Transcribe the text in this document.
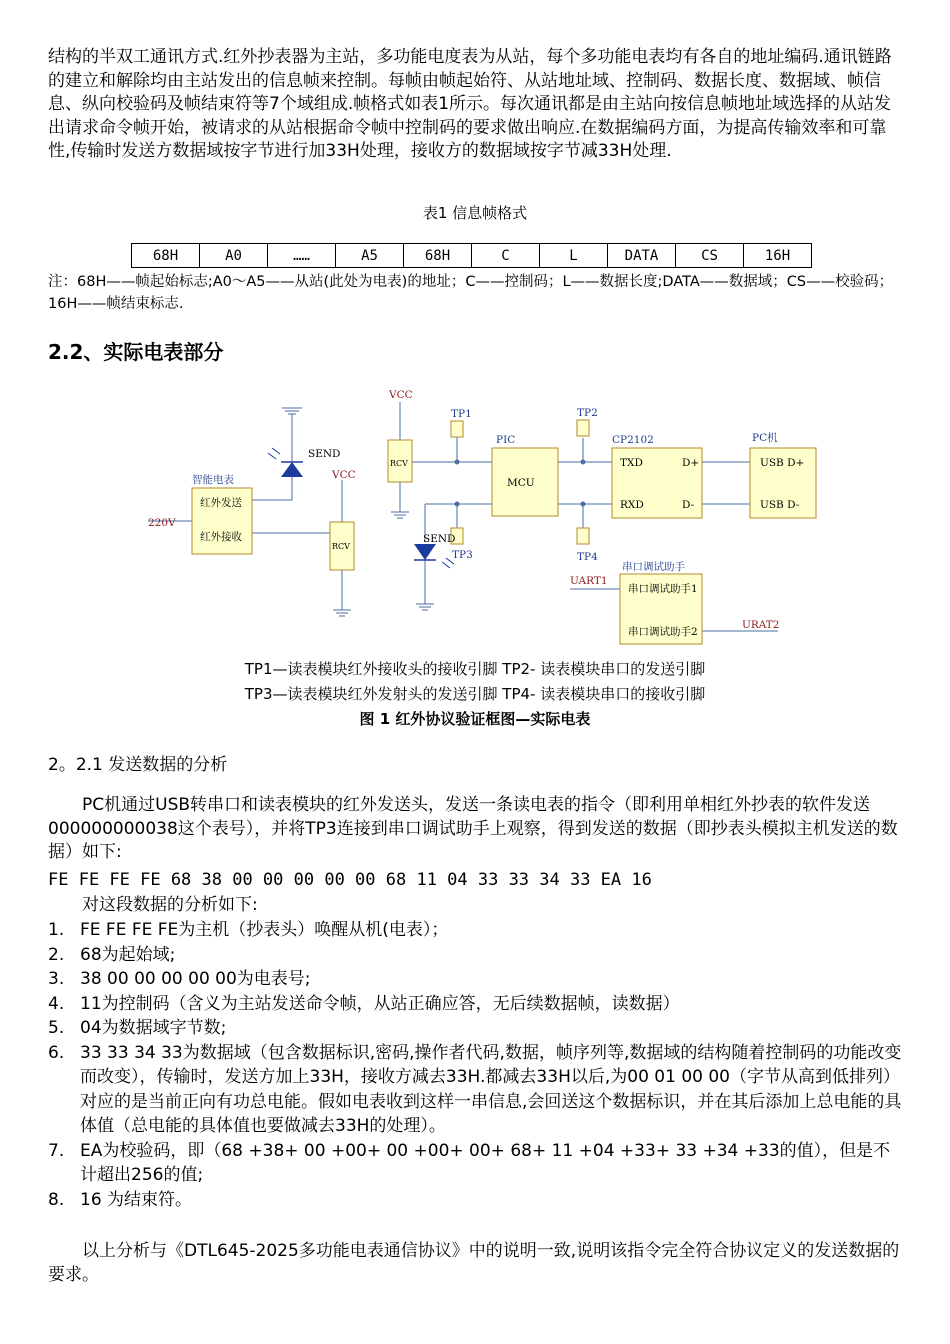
结构的半双工通讯方式.红外抄表器为主站，多功能电度表为从站，每个多功能电表均有各自的地址编码.通讯链路的建立和解除均由主站发出的信息帧来控制。每帧由帧起始符、从站地址域、控制码、数据长度、数据域、帧信息、纵向校验码及帧结束符等7个域组成.帧格式如表1所示。每次通讯都是由主站向按信息帧地址域选择的从站发出请求命令帧开始，被请求的从站根据命令帧中控制码的要求做出响应.在数据编码方面，为提高传输效率和可靠性,传输时发送方数据域按字节进行加33H处理，接收方的数据域按字节减33H处理.

表1 信息帧格式
68H	A0	……	A5	68H	C	L	DATA	CS	16H
注：68H——帧起始标志;A0～A5——从站(此处为电表)的地址；C——控制码；L——数据长度;DATA——数据域；CS——校验码；16H——帧结束标志.
2.2、实际电表部分
智能电表
红外发送
红外接收
220V
SEND
SEND
VCC
VCC
RCV
RCV
TP1	TP2
TP3	TP4
PIC
MCU
CP2102
TXD
RXD
D+
D-
PC机
USB D+
USB D-
串口调试助手
串口调试助手1
串口调试助手2
UART1
URAT2
TP1—读表模块红外接收头的接收引脚 TP2- 读表模块串口的发送引脚
TP3—读表模块红外发射头的发送引脚 TP4- 读表模块串口的接收引脚
图 1 红外协议验证框图—实际电表
2。2.1 发送数据的分析

PC机通过USB转串口和读表模块的红外发送头，发送一条读电表的指令（即利用单相红外抄表的软件发送000000000038这个表号），并将TP3连接到串口调试助手上观察，得到发送的数据（即抄表头模拟主机发送的数据）如下:

FE FE FE FE 68 38 00 00 00 00 00 68 11 04 33 33 34 33 EA 16

对这段数据的分析如下:

1. FE FE FE FE为主机（抄表头）唤醒从机(电表）；
2. 68为起始域;
3. 38 00 00 00 00 00为电表号;
4. 11为控制码（含义为主站发送命令帧，从站正确应答，无后续数据帧，读数据）
5. 04为数据域字节数;
6. 33 33 34 33为数据域（包含数据标识,密码,操作者代码,数据，帧序列等,数据域的结构随着控制码的功能改变而改变），传输时，发送方加上33H，接收方减去33H.都减去33H以后,为00 01 00 00（字节从高到低排列）对应的是当前正向有功总电能。假如电表收到这样一串信息,会回送这个数据标识，并在其后添加上总电能的具体值（总电能的具体值也要做减去33H的处理）。
7. EA为校验码，即（68 +38+ 00 +00+ 00 +00+ 00+ 68+ 11 +04 +33+ 33 +34 +33的值），但是不计超出256的值;
8. 16 为结束符。

以上分析与《DTL645-2025多功能电表通信协议》中的说明一致,说明该指令完全符合协议定义的发送数据的要求。
